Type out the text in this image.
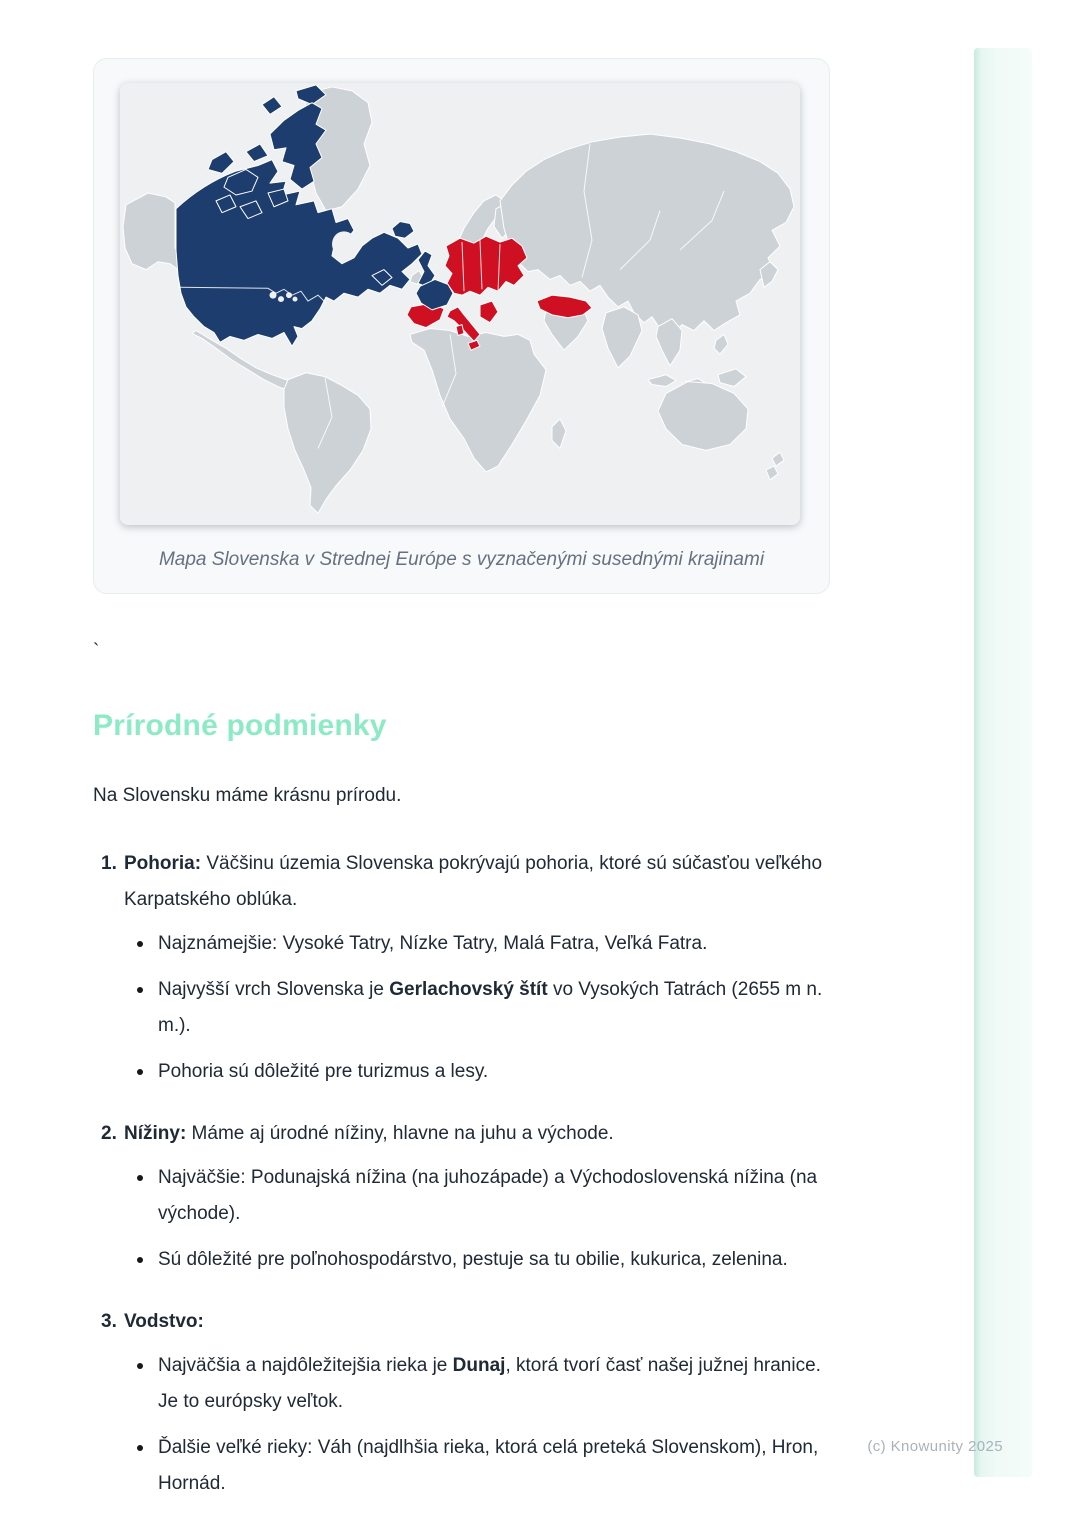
Mapa Slovenska v Strednej Európe s vyznačenými susednými krajinami
`
Prírodné podmienky

Na Slovensku máme krásnu prírodu.

1. Pohoria: Väčšinu územia Slovenska pokrývajú pohoria, ktoré sú súčasťou veľkého Karpatského oblúka.
Najznámejšie: Vysoké Tatry, Nízke Tatry, Malá Fatra, Veľká Fatra.
Najvyšší vrch Slovenska je Gerlachovský štít vo Vysokých Tatrách (2655 m n. m.).
Pohoria sú dôležité pre turizmus a lesy.
2. Nížiny: Máme aj úrodné nížiny, hlavne na juhu a východe.
Najväčšie: Podunajská nížina (na juhozápade) a Východoslovenská nížina (na východe).
Sú dôležité pre poľnohospodárstvo, pestuje sa tu obilie, kukurica, zelenina.
3. Vodstvo:
Najväčšia a najdôležitejšia rieka je Dunaj, ktorá tvorí časť našej južnej hranice. Je to európsky veľtok.
Ďalšie veľké rieky: Váh (najdlhšia rieka, ktorá celá preteká Slovenskom), Hron, Hornád.
(c) Knowunity 2025
